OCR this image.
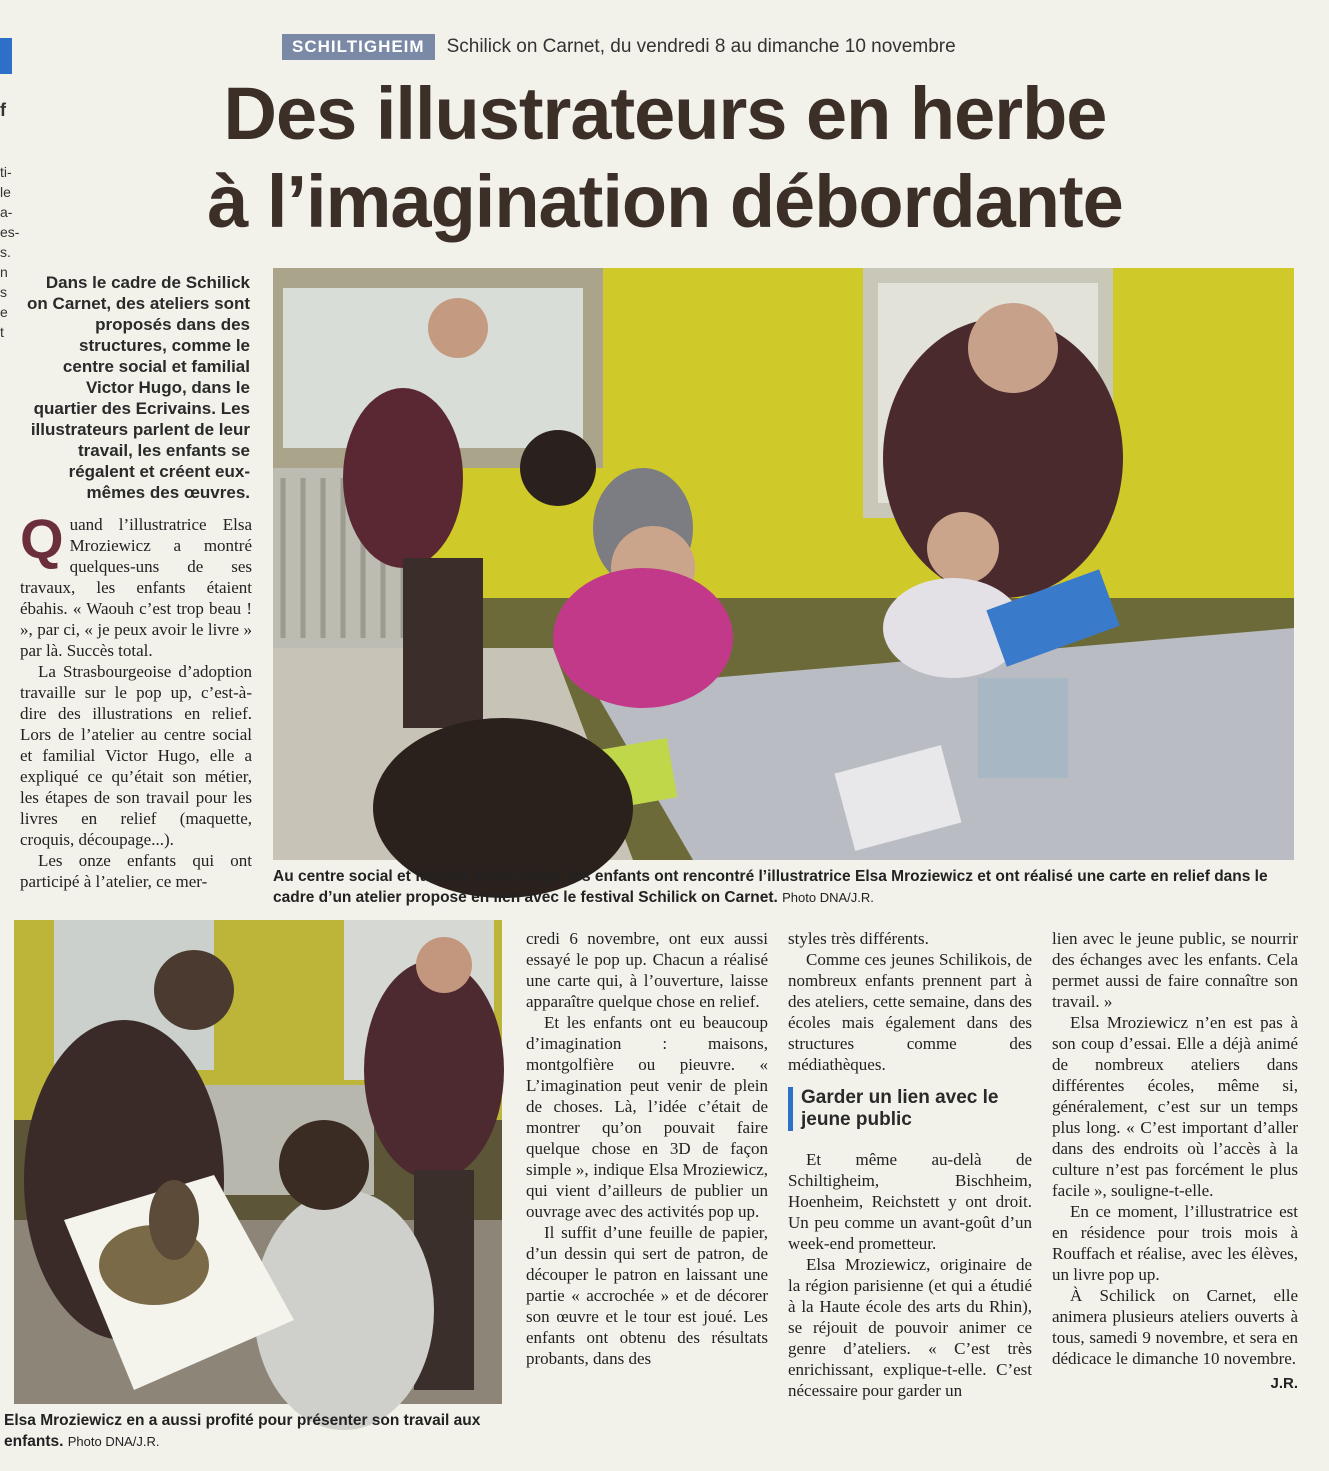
f
ti-
le
a-
es-
s.
n
s
e
t
SCHILTIGHEIM	Schilick on Carnet, du vendredi 8 au dimanche 10 novembre
Des illustrateurs en herbe
à l’imagination débordante
Dans le cadre de Schilick on Carnet, des ateliers sont proposés dans des structures, comme le centre social et familial Victor Hugo, dans le quartier des Ecrivains. Les illustrateurs parlent de leur travail, les enfants se régalent et créent eux-mêmes des œuvres.
Au centre social et familial Victor Hugo, les enfants ont rencontré l’illustratrice Elsa Mroziewicz et ont réalisé une carte en relief dans le cadre d’un atelier proposé en lien avec le festival Schilick on Carnet. Photo DNA/J.R.
Elsa Mroziewicz en a aussi profité pour présenter son travail aux enfants. Photo DNA/J.R.

Quand l’illustratrice Elsa Mroziewicz a montré quelques-uns de ses travaux, les enfants étaient ébahis. « Waouh c’est trop beau ! », par ci, « je peux avoir le livre » par là. Succès total.

La Strasbourgeoise d’adoption travaille sur le pop up, c’est-à-dire des illustrations en relief. Lors de l’atelier au centre social et familial Victor Hugo, elle a expliqué ce qu’était son métier, les étapes de son travail pour les livres en relief (maquette, croquis, découpage...).

Les onze enfants qui ont participé à l’atelier, ce mer-

credi 6 novembre, ont eux aussi essayé le pop up. Chacun a réalisé une carte qui, à l’ouverture, laisse apparaître quelque chose en relief.

Et les enfants ont eu beaucoup d’imagination : maisons, montgolfière ou pieuvre. « L’imagination peut venir de plein de choses. Là, l’idée c’était de montrer qu’on pouvait faire quelque chose en 3D de façon simple », indique Elsa Mroziewicz, qui vient d’ailleurs de publier un ouvrage avec des activités pop up.

Il suffit d’une feuille de papier, d’un dessin qui sert de patron, de découper le patron en laissant une partie « accrochée » et de décorer son œuvre et le tour est joué. Les enfants ont obtenu des résultats probants, dans des

styles très différents.

Comme ces jeunes Schilikois, de nombreux enfants prennent part à des ateliers, cette semaine, dans des écoles mais également dans des structures comme des médiathèques.

Garder un lien avec le jeune public

Et même au-delà de Schiltigheim, Bischheim, Hoenheim, Reichstett y ont droit. Un peu comme un avant-goût d’un week-end prometteur.

Elsa Mroziewicz, originaire de la région parisienne (et qui a étudié à la Haute école des arts du Rhin), se réjouit de pouvoir animer ce genre d’ateliers. « C’est très enrichissant, explique-t-elle. C’est nécessaire pour garder un

lien avec le jeune public, se nourrir des échanges avec les enfants. Cela permet aussi de faire connaître son travail. »

Elsa Mroziewicz n’en est pas à son coup d’essai. Elle a déjà animé de nombreux ateliers dans différentes écoles, même si, généralement, c’est sur un temps plus long. « C’est important d’aller dans des endroits où l’accès à la culture n’est pas forcément le plus facile », souligne-t-elle.

En ce moment, l’illustratrice est en résidence pour trois mois à Rouffach et réalise, avec les élèves, un livre pop up.

À Schilick on Carnet, elle animera plusieurs ateliers ouverts à tous, samedi 9 novembre, et sera en dédicace le dimanche 10 novembre.

J.R.
